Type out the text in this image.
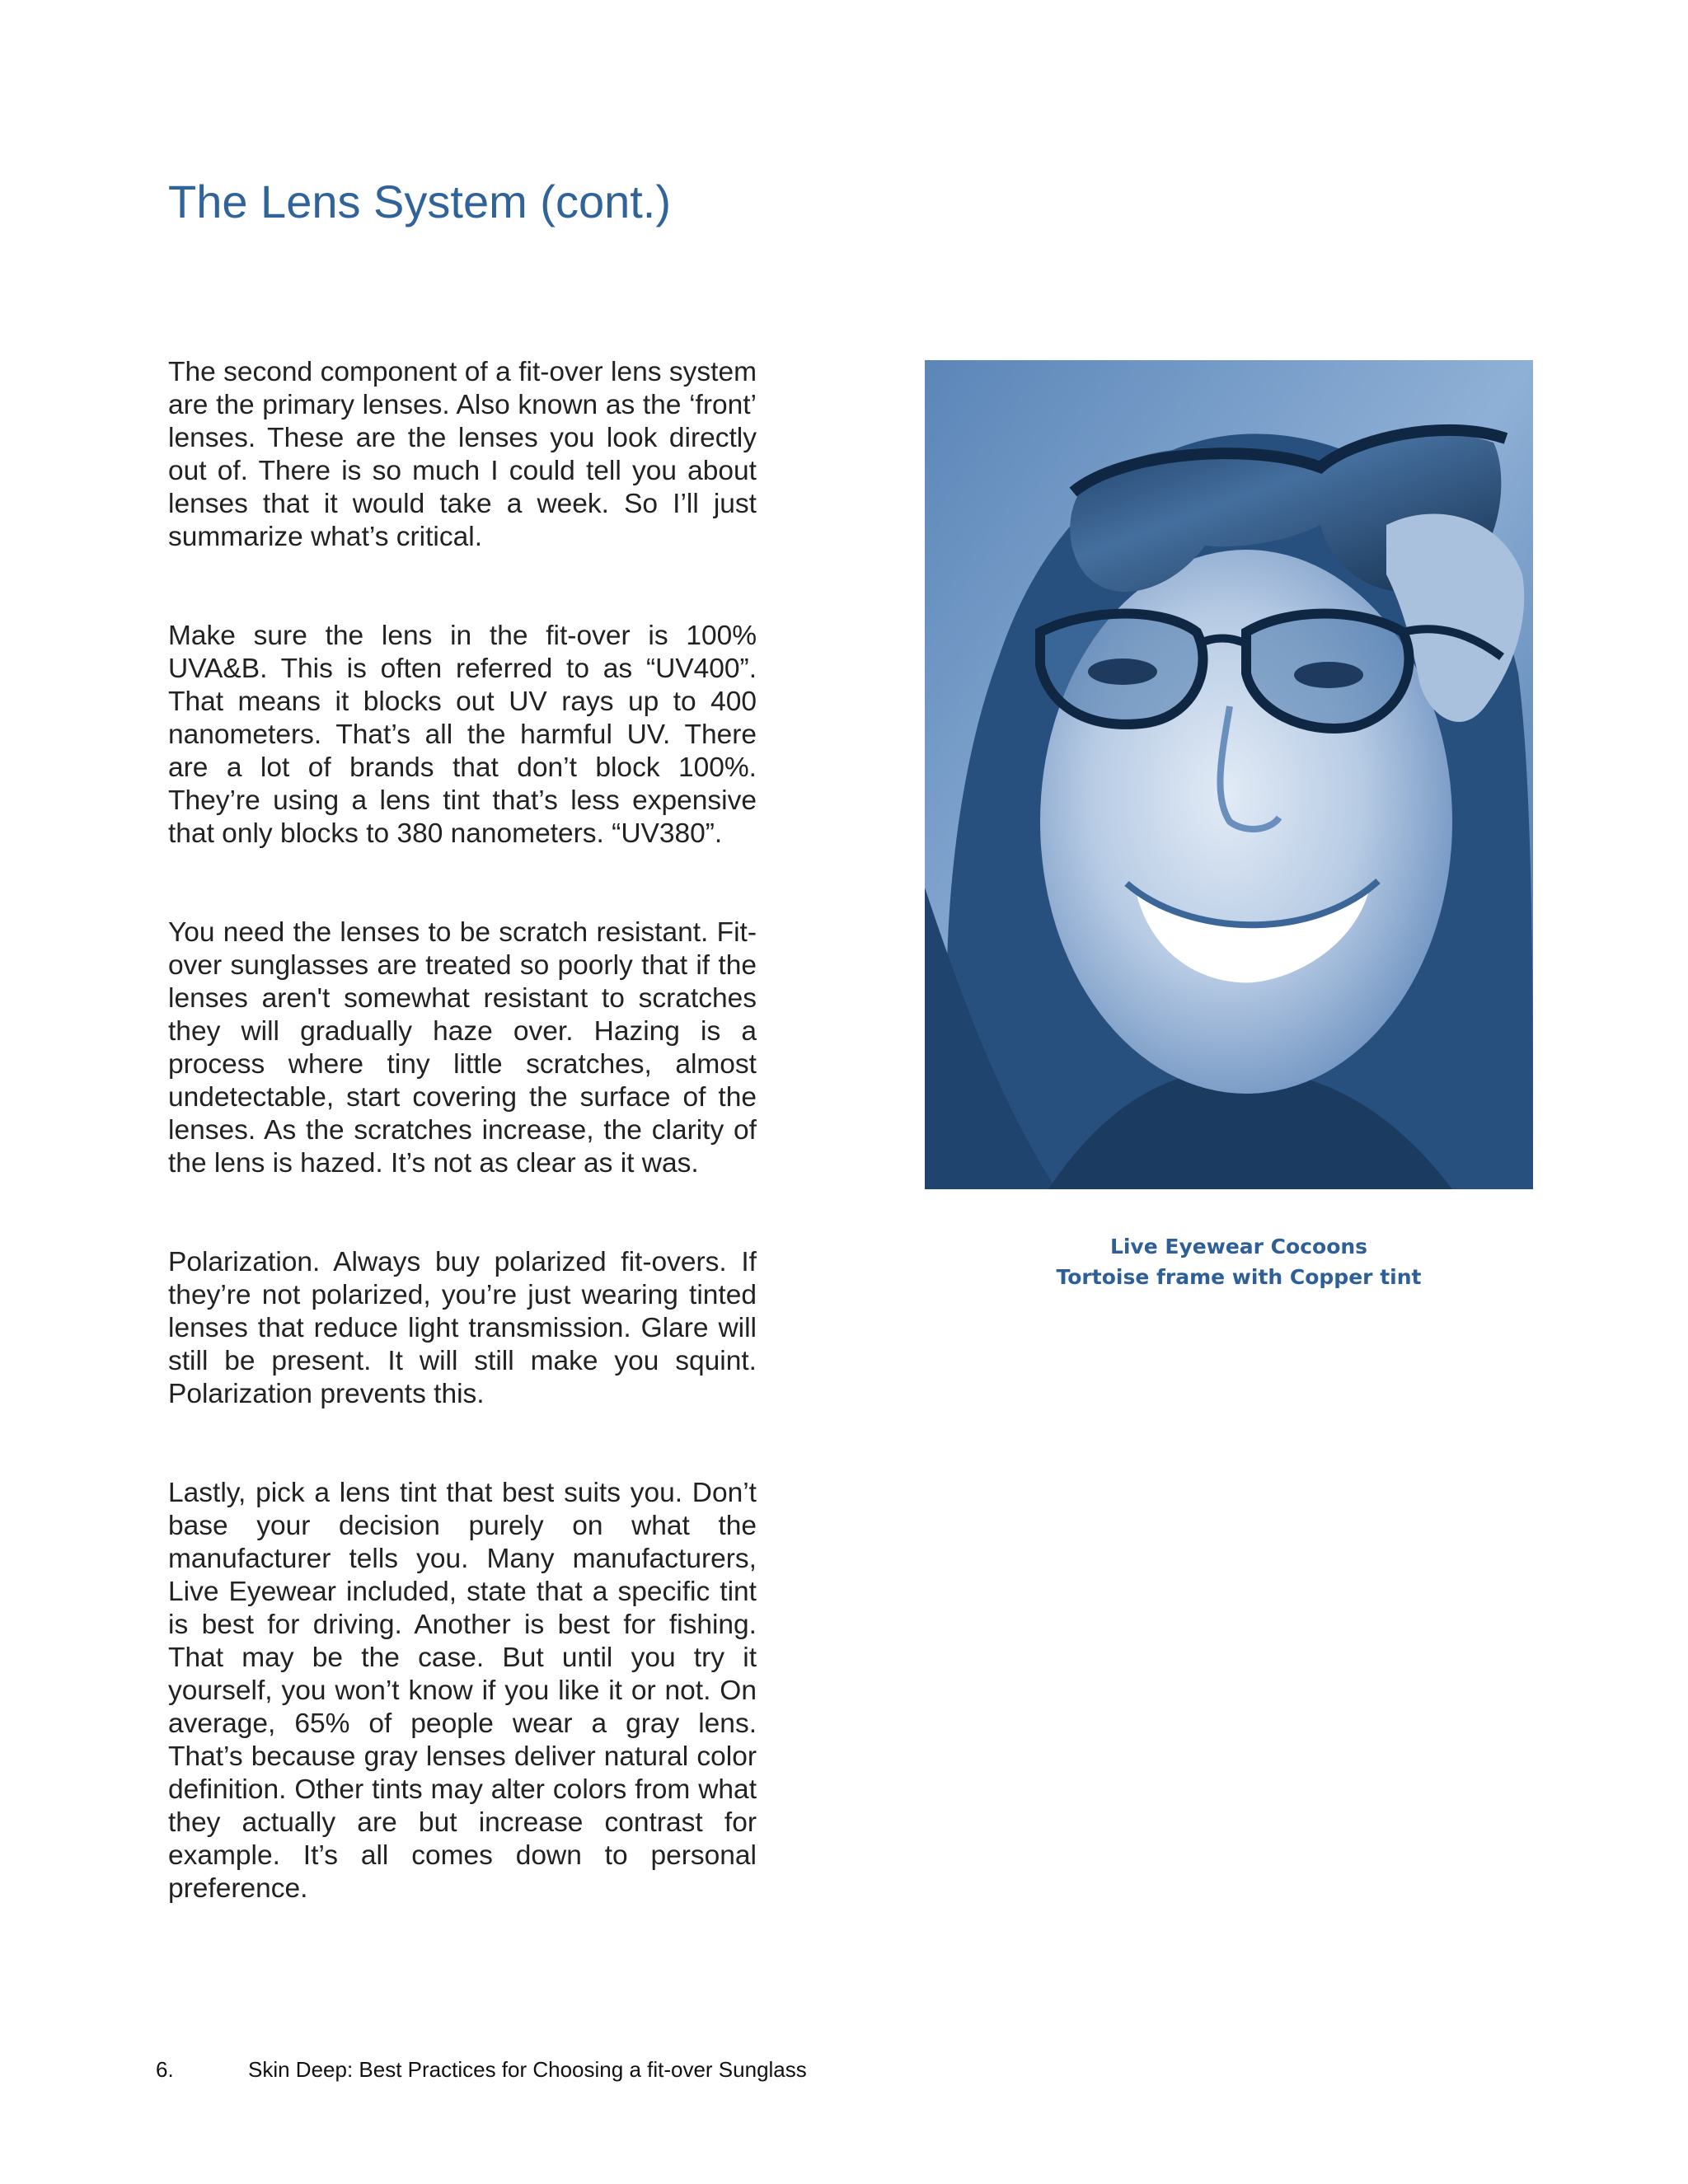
The Lens System (cont.)

The second component of a fit-over lens system are the primary lenses. Also known as the ‘front’ lenses. These are the lenses you look directly out of. There is so much I could tell you about lenses that it would take a week. So I’ll just summarize what’s critical.

Make sure the lens in the fit-over is 100% UVA&B. This is often referred to as “UV400”. That means it blocks out UV rays up to 400 nanometers. That’s all the harmful UV. There are a lot of brands that don’t block 100%. They’re using a lens tint that’s less expensive that only blocks to 380 nanometers. “UV380”.

You need the lenses to be scratch resistant. Fit-over sunglasses are treated so poorly that if the lenses aren't somewhat resistant to scratches they will gradually haze over. Hazing is a process where tiny little scratches, almost undetectable, start covering the surface of the lenses. As the scratches increase, the clarity of the lens is hazed. It’s not as clear as it was.

Polarization. Always buy polarized fit-overs. If they’re not polarized, you’re just wearing tinted lenses that reduce light transmission. Glare will still be present. It will still make you squint. Polarization prevents this.

Lastly, pick a lens tint that best suits you. Don’t base your decision purely on what the manufacturer tells you. Many manufacturers, Live Eyewear included, state that a specific tint is best for driving. Another is best for fishing. That may be the case. But until you try it yourself, you won’t know if you like it or not. On average, 65% of people wear a gray lens. That’s because gray lenses deliver natural color definition. Other tints may alter colors from what they actually are but increase contrast for example. It’s all comes down to personal preference.

Live Eyewear Cocoons
Tortoise frame with Copper tint
6.	Skin Deep: Best Practices for Choosing a fit-over Sunglass
